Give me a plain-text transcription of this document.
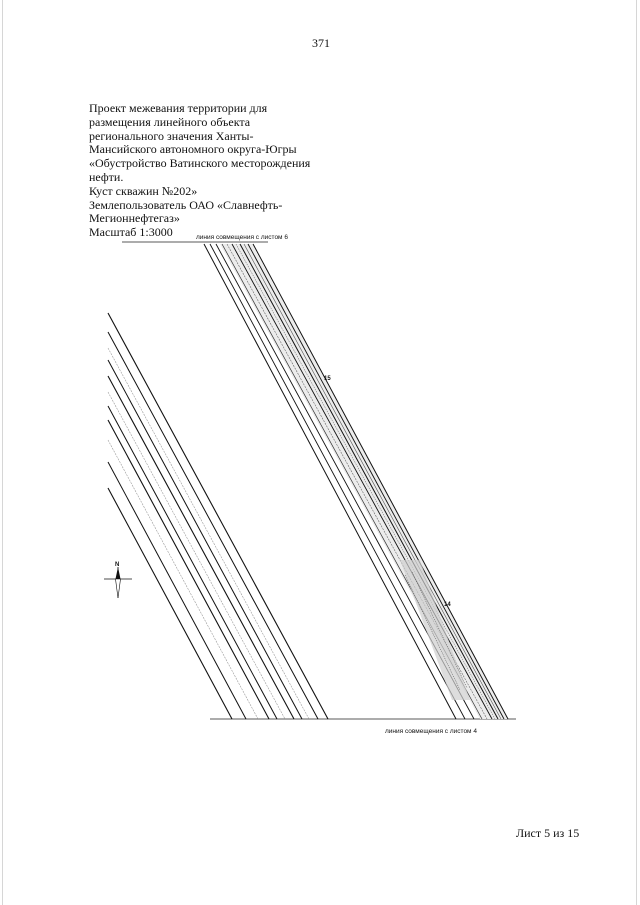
371
Проект межевания территории для
размещения линейного объекта
регионального значения Ханты-
Мансийского автономного округа-Югры
«Обустройство Ватинского месторождения
нефти.
Куст скважин №202»
Землепользователь ОАО «Славнефть-
Мегионнефтегаз»
Масштаб 1:3000	линия совмещения с листом 6
линия совмещения с листом 4
15
14
N
Лист 5 из 15
